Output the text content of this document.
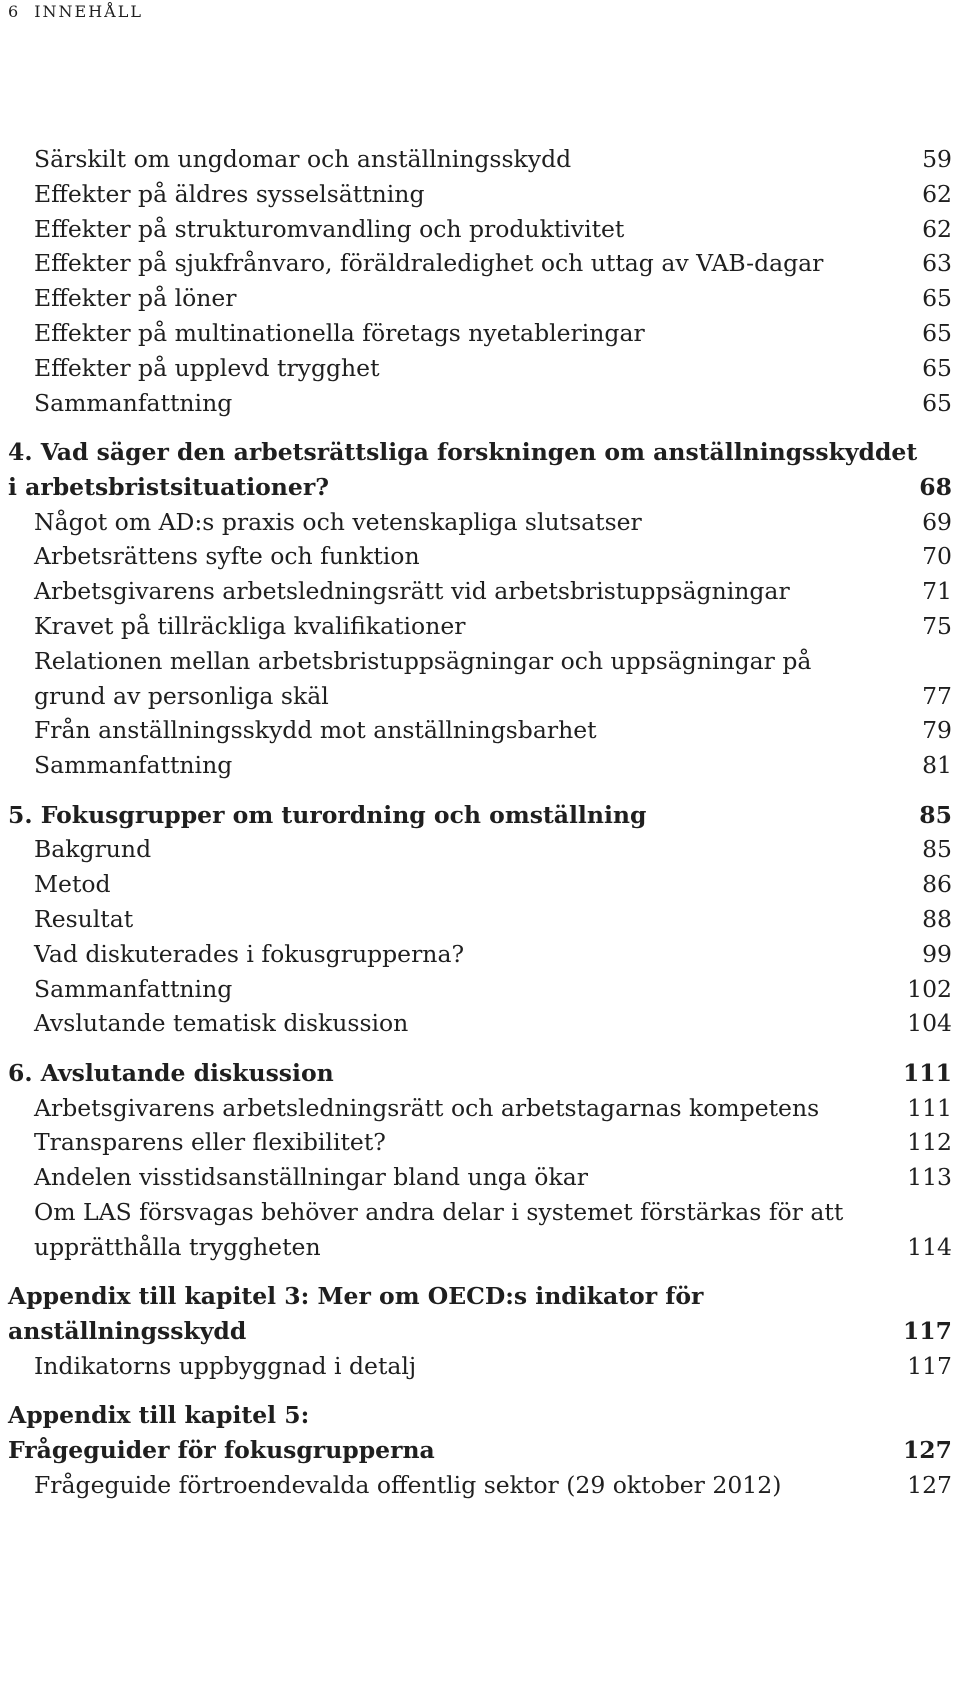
6 INNEHÅLL
Särskilt om ungdomar och anställningsskydd	59
Effekter på äldres sysselsättning	62
Effekter på strukturomvandling och produktivitet	62
Effekter på sjukfrånvaro, föräldraledighet och uttag av VAB-dagar	63
Effekter på löner	65
Effekter på multinationella företags nyetableringar	65
Effekter på upplevd trygghet	65
Sammanfattning	65
4. Vad säger den arbetsrättsliga forskningen om anställningsskyddet
i arbetsbristsituationer?	68
Något om AD:s praxis och vetenskapliga slutsatser	69
Arbetsrättens syfte och funktion	70
Arbetsgivarens arbetsledningsrätt vid arbetsbristuppsägningar	71
Kravet på tillräckliga kvalifikationer	75
Relationen mellan arbetsbristuppsägningar och uppsägningar på
grund av personliga skäl	77
Från anställningsskydd mot anställningsbarhet	79
Sammanfattning	81
5. Fokusgrupper om turordning och omställning	85
Bakgrund	85
Metod	86
Resultat	88
Vad diskuterades i fokusgrupperna?	99
Sammanfattning	102
Avslutande tematisk diskussion	104
6. Avslutande diskussion	111
Arbetsgivarens arbetsledningsrätt och arbetstagarnas kompetens	111
Transparens eller flexibilitet?	112
Andelen visstidsanställningar bland unga ökar	113
Om LAS försvagas behöver andra delar i systemet förstärkas för att
upprätthålla tryggheten	114
Appendix till kapitel 3: Mer om OECD:s indikator för
anställningsskydd	117
Indikatorns uppbyggnad i detalj	117
Appendix till kapitel 5:
Frågeguider för fokusgrupperna	127
Frågeguide förtroendevalda offentlig sektor (29 oktober 2012)	127
